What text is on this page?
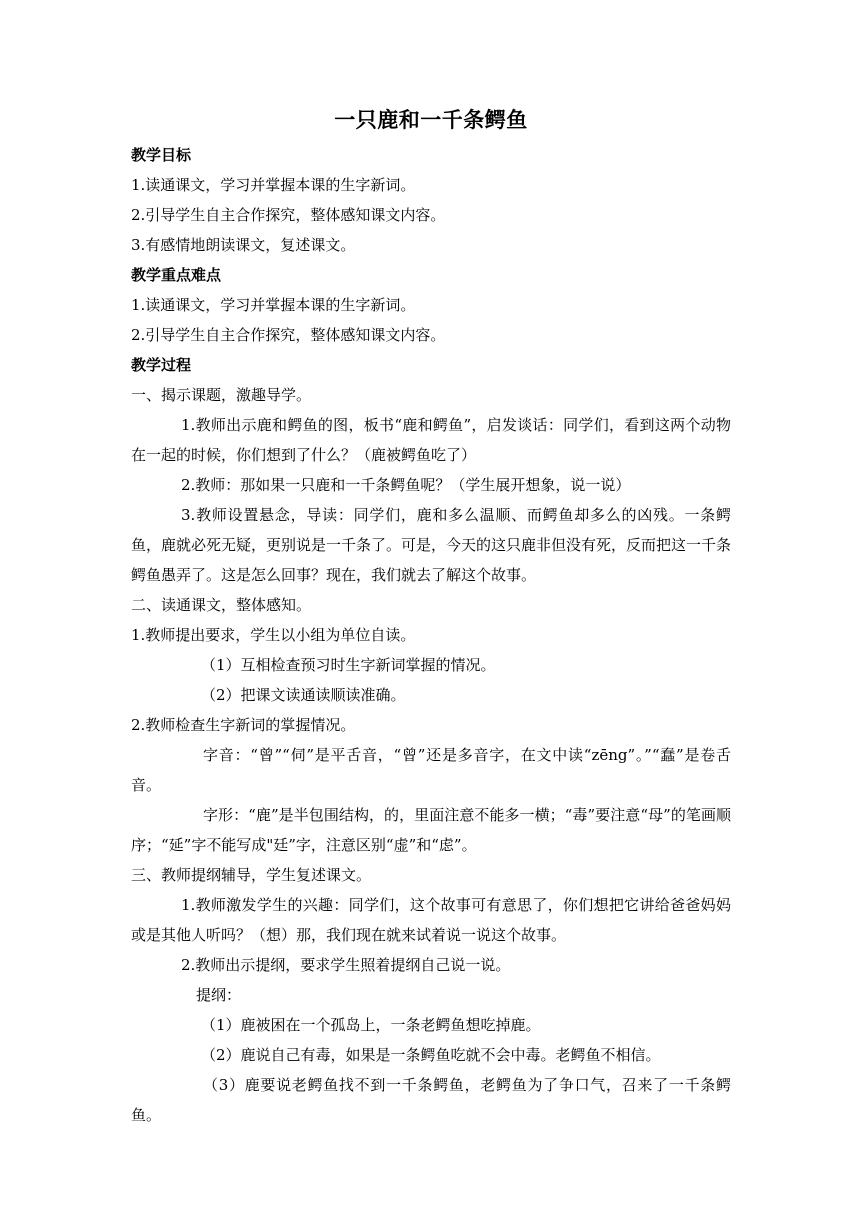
一只鹿和一千条鳄鱼
教学目标
1.读通课文，学习并掌握本课的生字新词。
2.引导学生自主合作探究，整体感知课文内容。
3.有感情地朗读课文，复述课文。
教学重点难点
1.读通课文，学习并掌握本课的生字新词。
2.引导学生自主合作探究，整体感知课文内容。
教学过程
一、揭示课题，激趣导学。
1.教师出示鹿和鳄鱼的图，板书“鹿和鳄鱼”，启发谈话：同学们，看到这两个动物在一起的时候，你们想到了什么？（鹿被鳄鱼吃了）
2.教师：那如果一只鹿和一千条鳄鱼呢？（学生展开想象，说一说）
3.教师设置悬念，导读：同学们，鹿和多么温顺、而鳄鱼却多么的凶残。一条鳄鱼，鹿就必死无疑，更别说是一千条了。可是，今天的这只鹿非但没有死，反而把这一千条鳄鱼愚弄了。这是怎么回事？现在，我们就去了解这个故事。
二、读通课文，整体感知。
1.教师提出要求，学生以小组为单位自读。
（1）互相检查预习时生字新词掌握的情况。
（2）把课文读通读顺读准确。
2.教师检查生字新词的掌握情况。
字音：“曾”“伺”是平舌音，“曾”还是多音字，在文中读“zēng”。”“蠢”是卷舌音。
字形：“鹿”是半包围结构，的，里面注意不能多一横；“毒”要注意“母”的笔画顺序；“延”字不能写成"廷”字，注意区别“虚”和“虑”。
三、教师提纲辅导，学生复述课文。
1.教师激发学生的兴趣：同学们，这个故事可有意思了，你们想把它讲给爸爸妈妈或是其他人听吗？（想）那，我们现在就来试着说一说这个故事。
2.教师出示提纲，要求学生照着提纲自己说一说。
提纲：
（1）鹿被困在一个孤岛上，一条老鳄鱼想吃掉鹿。
（2）鹿说自己有毒，如果是一条鳄鱼吃就不会中毒。老鳄鱼不相信。
（3）鹿要说老鳄鱼找不到一千条鳄鱼，老鳄鱼为了争口气，召来了一千条鳄鱼。
